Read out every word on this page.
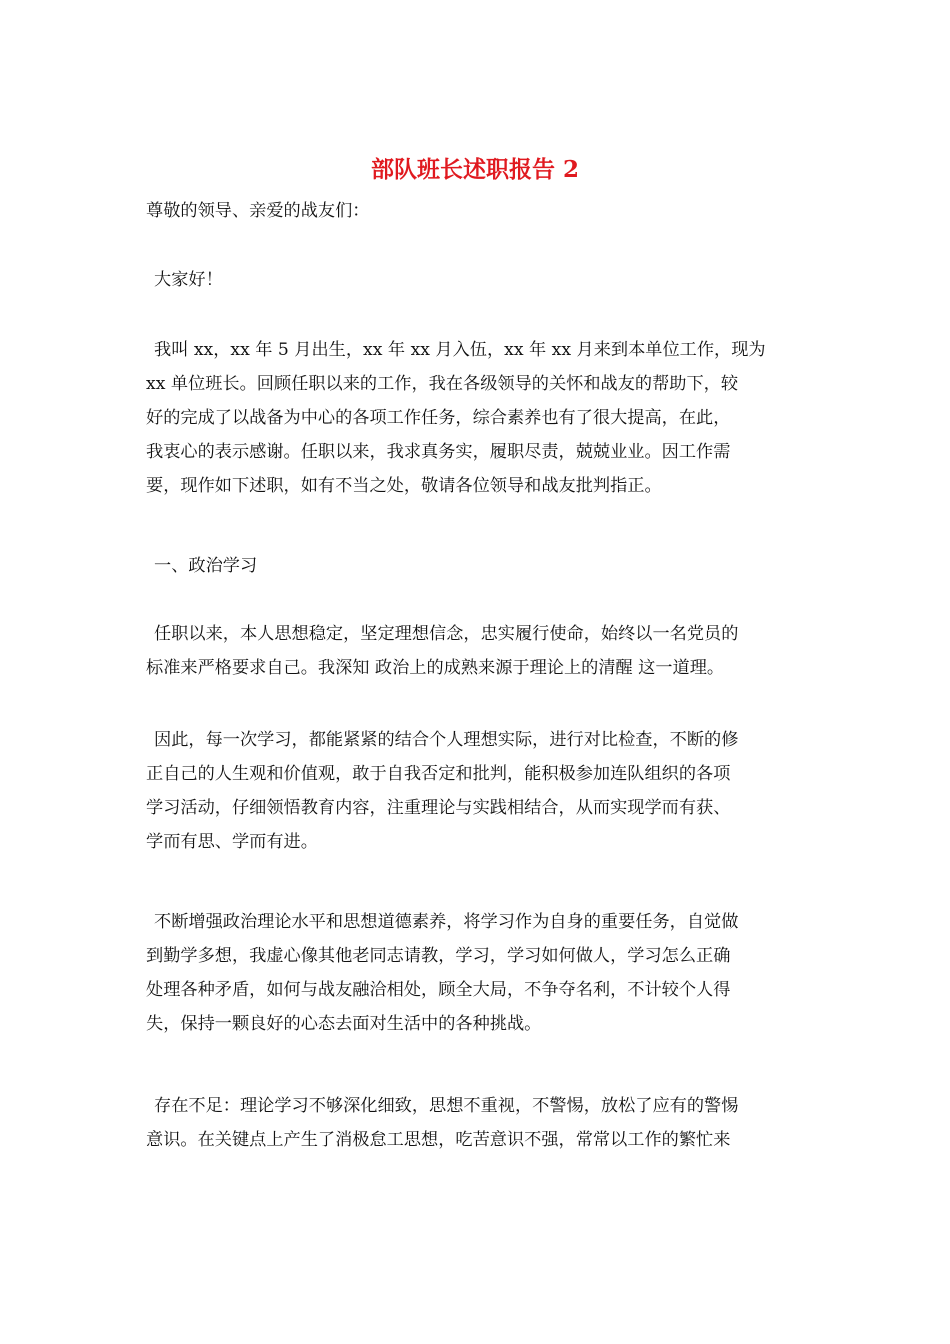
部队班长述职报告 2

尊敬的领导、亲爱的战友们：

大家好！

我叫 xx，xx 年 5 月出生，xx 年 xx 月入伍，xx 年 xx 月来到本单位工作，现为
xx 单位班长。回顾任职以来的工作，我在各级领导的关怀和战友的帮助下，较
好的完成了以战备为中心的各项工作任务，综合素养也有了很大提高，在此，
我衷心的表示感谢。任职以来，我求真务实，履职尽责，兢兢业业。因工作需
要，现作如下述职，如有不当之处，敬请各位领导和战友批判指正。

一、政治学习

任职以来，本人思想稳定，坚定理想信念，忠实履行使命，始终以一名党员的
标准来严格要求自己。我深知 政治上的成熟来源于理论上的清醒 这一道理。

因此，每一次学习，都能紧紧的结合个人理想实际，进行对比检查，不断的修
正自己的人生观和价值观，敢于自我否定和批判，能积极参加连队组织的各项
学习活动，仔细领悟教育内容，注重理论与实践相结合，从而实现学而有获、
学而有思、学而有进。

不断增强政治理论水平和思想道德素养，将学习作为自身的重要任务，自觉做
到勤学多想，我虚心像其他老同志请教，学习，学习如何做人，学习怎么正确
处理各种矛盾，如何与战友融洽相处，顾全大局，不争夺名利，不计较个人得
失，保持一颗良好的心态去面对生活中的各种挑战。

存在不足：理论学习不够深化细致，思想不重视，不警惕，放松了应有的警惕
意识。在关键点上产生了消极怠工思想，吃苦意识不强，常常以工作的繁忙来
